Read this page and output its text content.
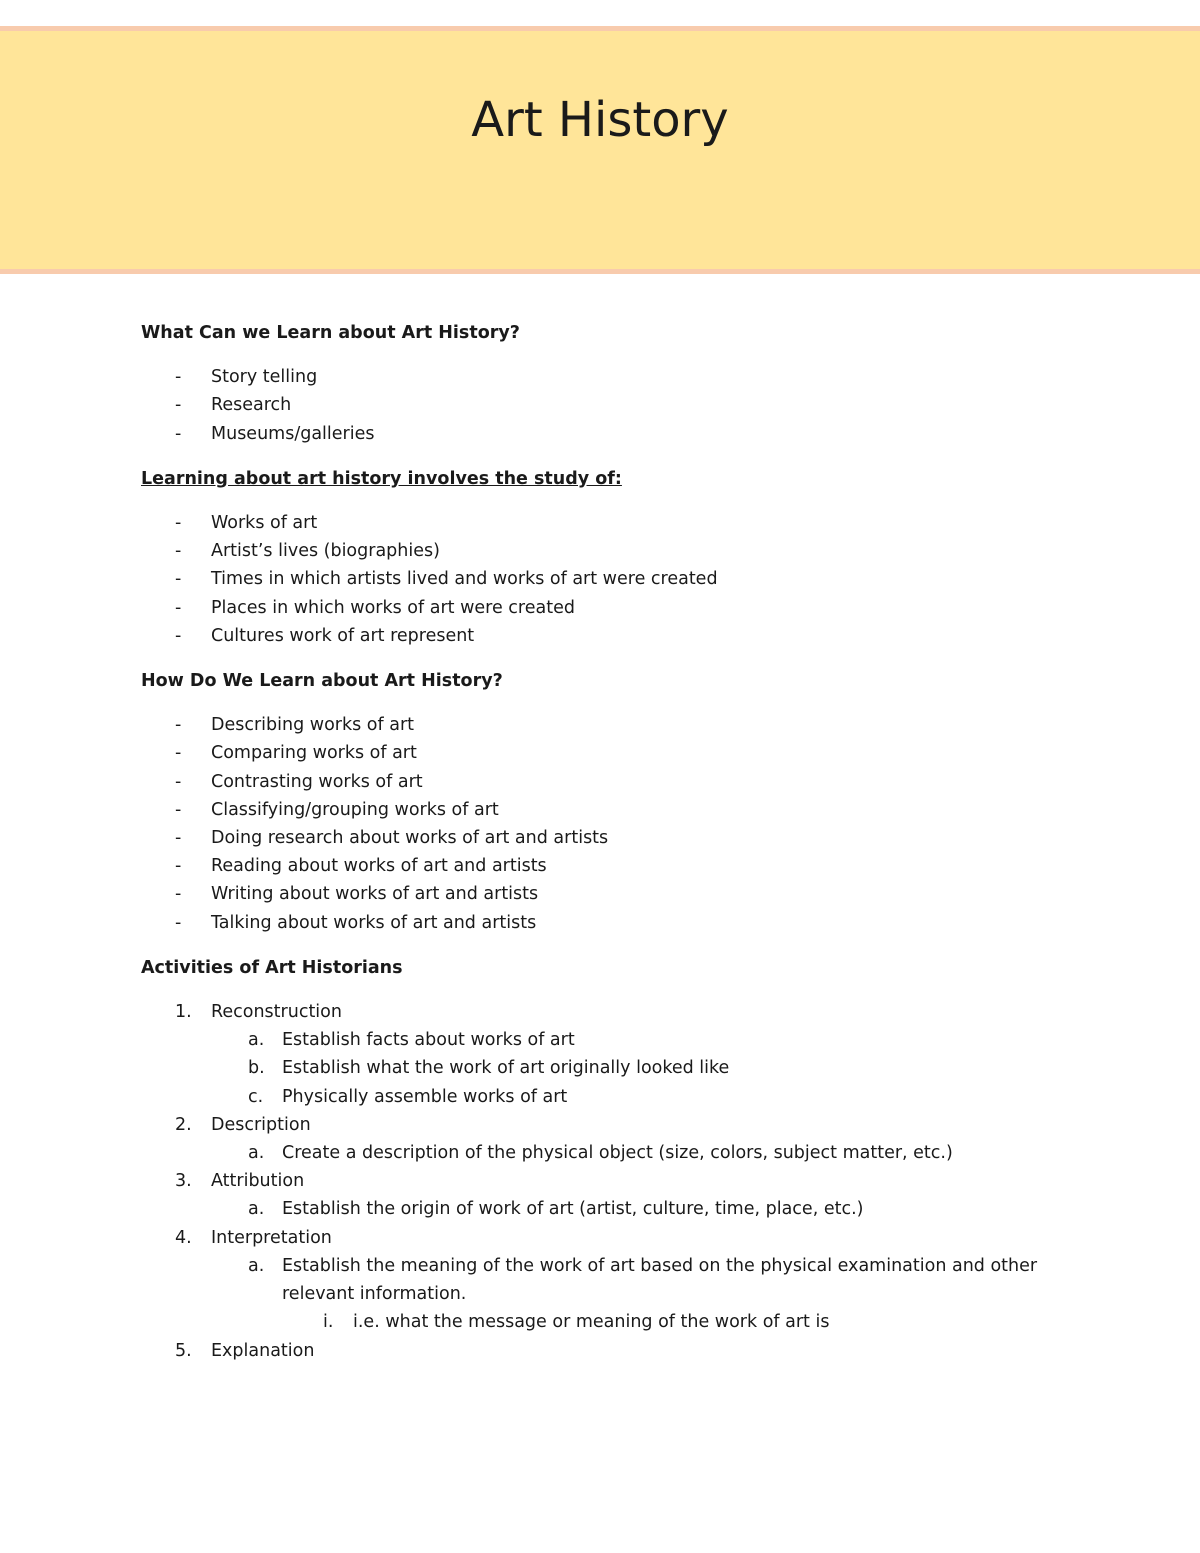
Art History
What Can we Learn about Art History?
- Story telling
- Research
- Museums/galleries
Learning about art history involves the study of:
- Works of art
- Artist’s lives (biographies)
- Times in which artists lived and works of art were created
- Places in which works of art were created
- Cultures work of art represent
How Do We Learn about Art History?
- Describing works of art
- Comparing works of art
- Contrasting works of art
- Classifying/grouping works of art
- Doing research about works of art and artists
- Reading about works of art and artists
- Writing about works of art and artists
- Talking about works of art and artists
Activities of Art Historians
1. Reconstruction
a. Establish facts about works of art
b. Establish what the work of art originally looked like
c. Physically assemble works of art
2. Description
a. Create a description of the physical object (size, colors, subject matter, etc.)
3. Attribution
a. Establish the origin of work of art (artist, culture, time, place, etc.)
4. Interpretation
a. Establish the meaning of the work of art based on the physical examination and other relevant information.
i. i.e. what the message or meaning of the work of art is
5. Explanation
